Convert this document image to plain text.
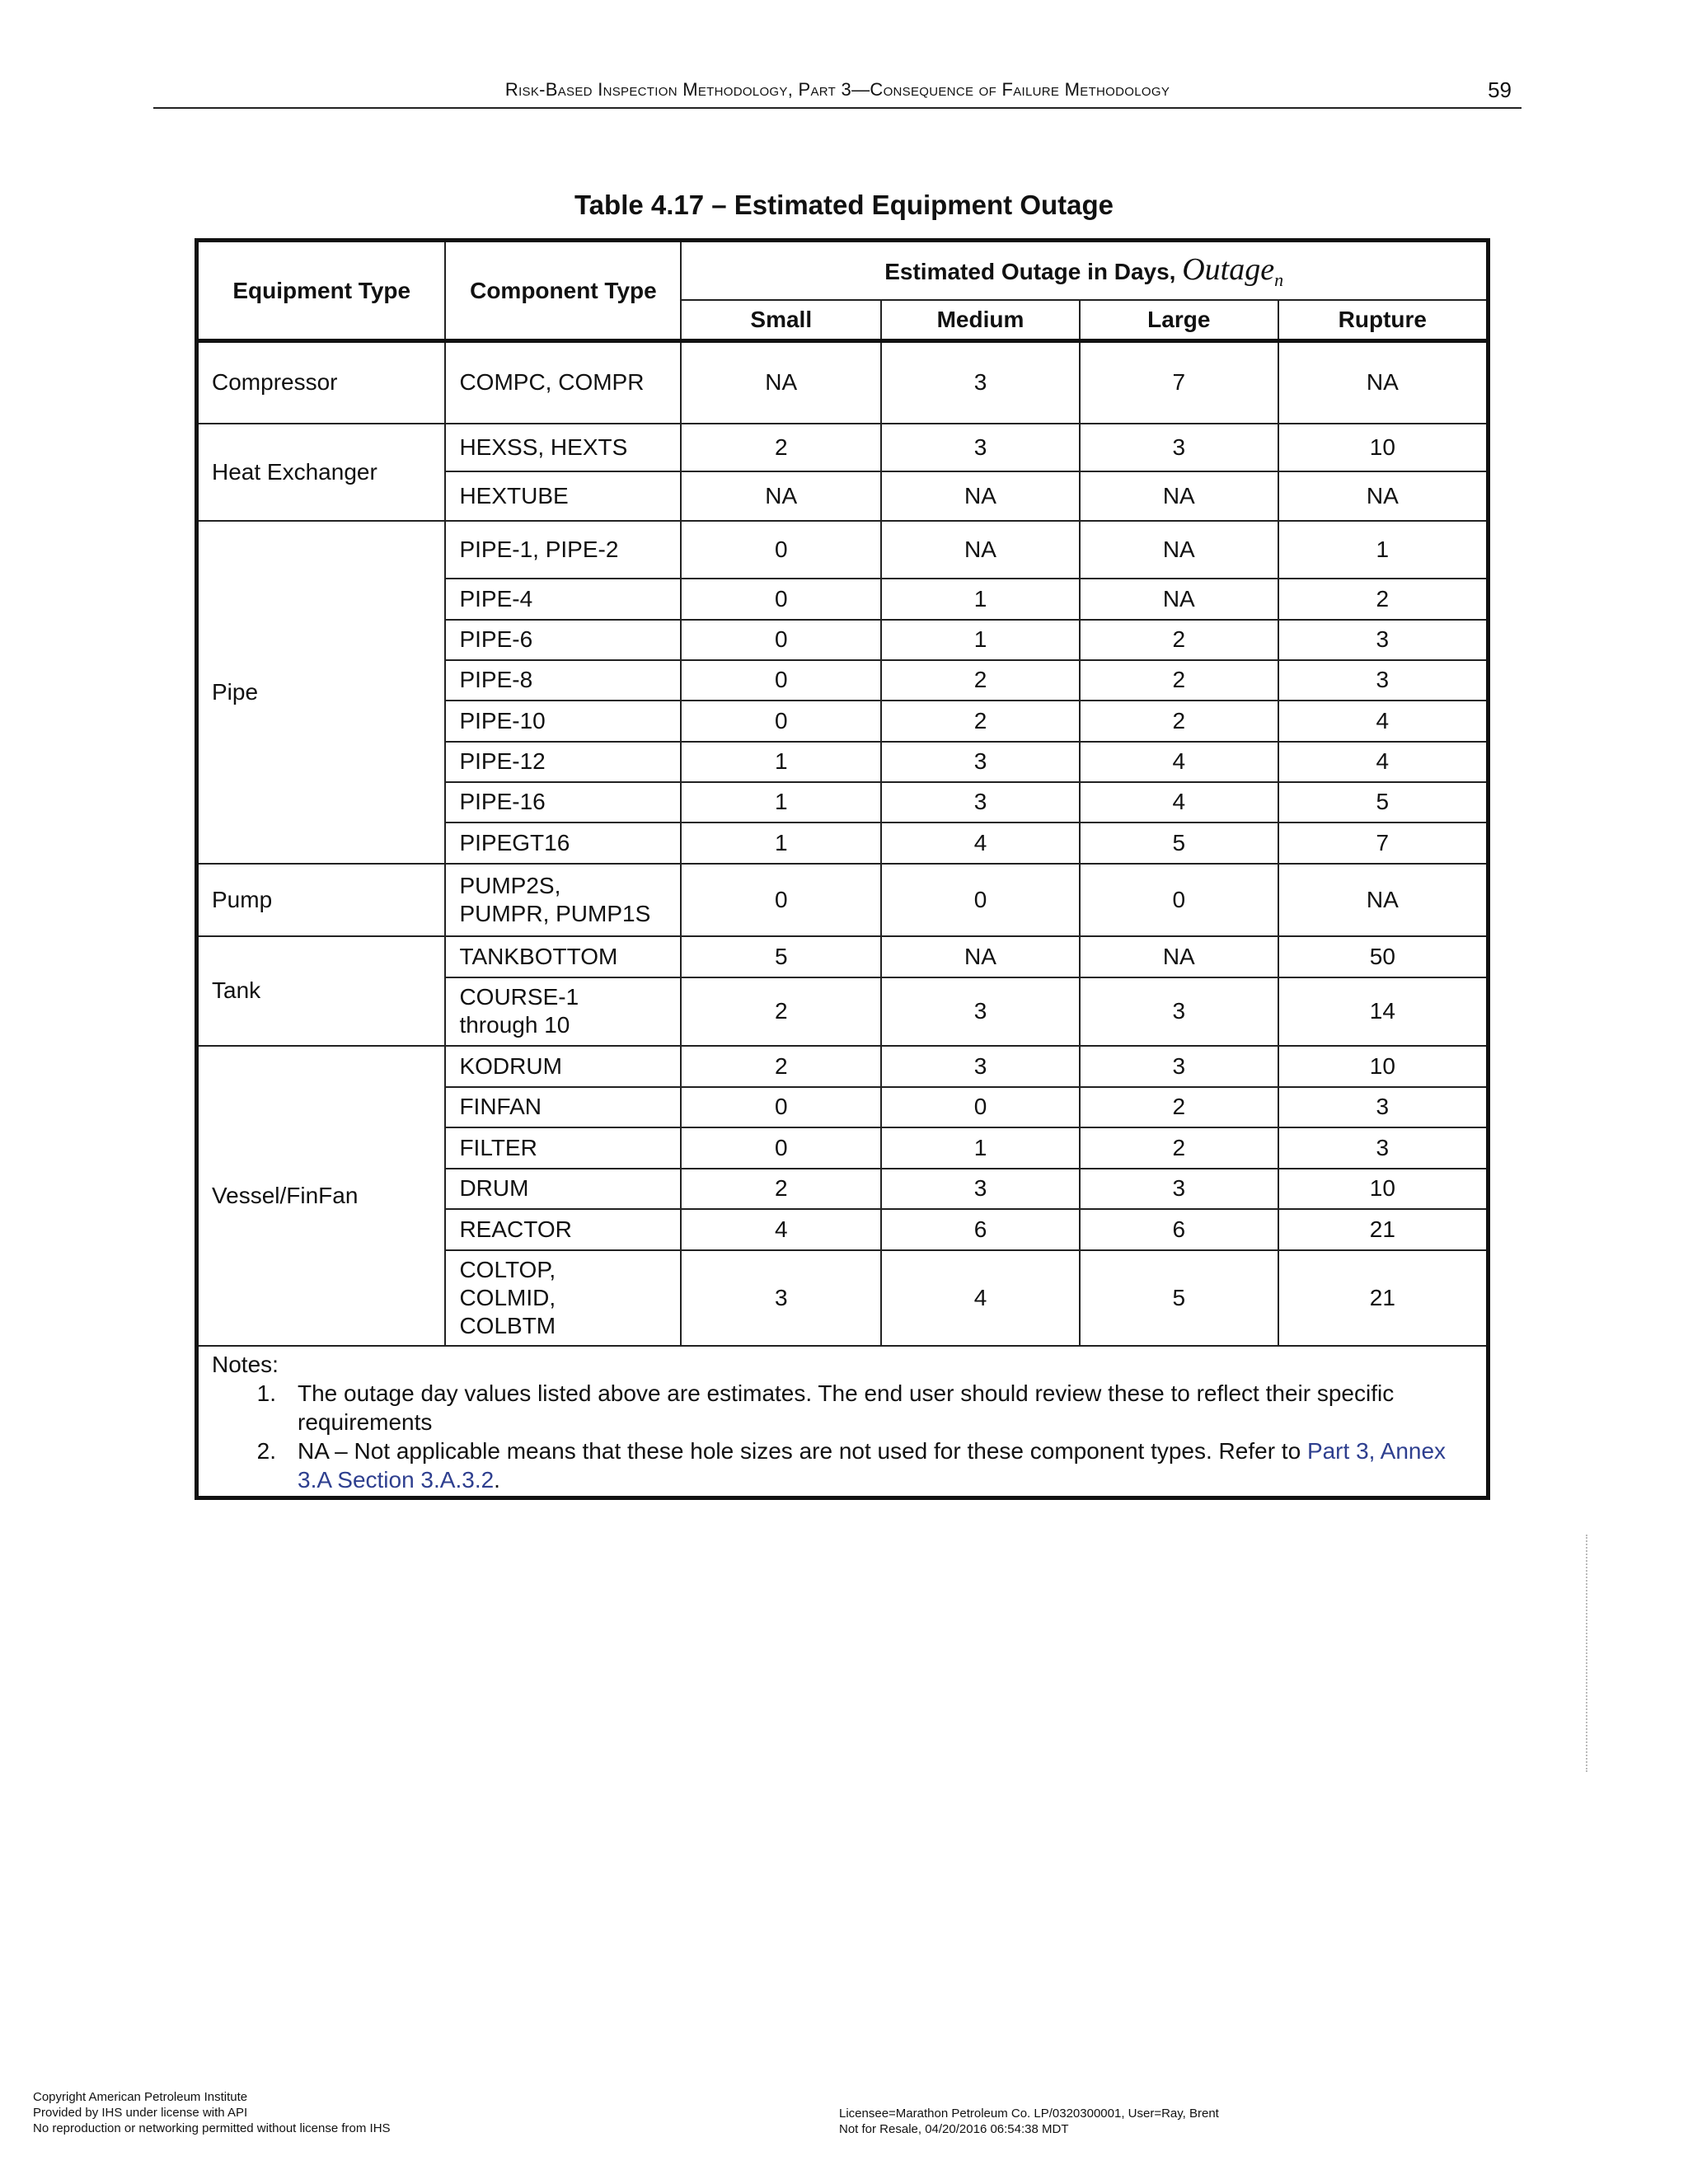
Risk-Based Inspection Methodology, Part 3—Consequence of Failure Methodology	59
Table 4.17 – Estimated Equipment Outage
Equipment Type	Component Type	Estimated Outage in Days, Outage$_n$
		Small	Medium	Large	Rupture
Compressor	COMPC, COMPR	NA	3	7	NA
Heat Exchanger	HEXSS, HEXTS	2	3	3	10
	HEXTUBE	NA	NA	NA	NA
Pipe	PIPE-1, PIPE-2	0	NA	NA	1
	PIPE-4	0	1	NA	2
	PIPE-6	0	1	2	3
	PIPE-8	0	2	2	3
	PIPE-10	0	2	2	4
	PIPE-12	1	3	4	4
	PIPE-16	1	3	4	5
	PIPEGT16	1	4	5	7
Pump	PUMP2S,
PUMPR, PUMP1S	0	0	0	NA
Tank	TANKBOTTOM	5	NA	NA	50
	COURSE-1
through 10	2	3	3	14
Vessel/FinFan	KODRUM	2	3	3	10
	FINFAN	0	0	2	3
	FILTER	0	1	2	3
	DRUM	2	3	3	10
	REACTOR	4	6	6	21
	COLTOP,
COLMID,
COLBTM	3	4	5	21

Notes:
1. The outage day values listed above are estimates. The end user should review these to reflect their specific requirements
2. NA – Not applicable means that these hole sizes are not used for these component types. Refer to Part 3, Annex 3.A Section 3.A.3.2.					
Copyright American Petroleum Institute
Provided by IHS under license with API
No reproduction or networking permitted without license from IHS
Licensee=Marathon Petroleum Co. LP/0320300001, User=Ray, Brent
Not for Resale, 04/20/2016 06:54:38 MDT
